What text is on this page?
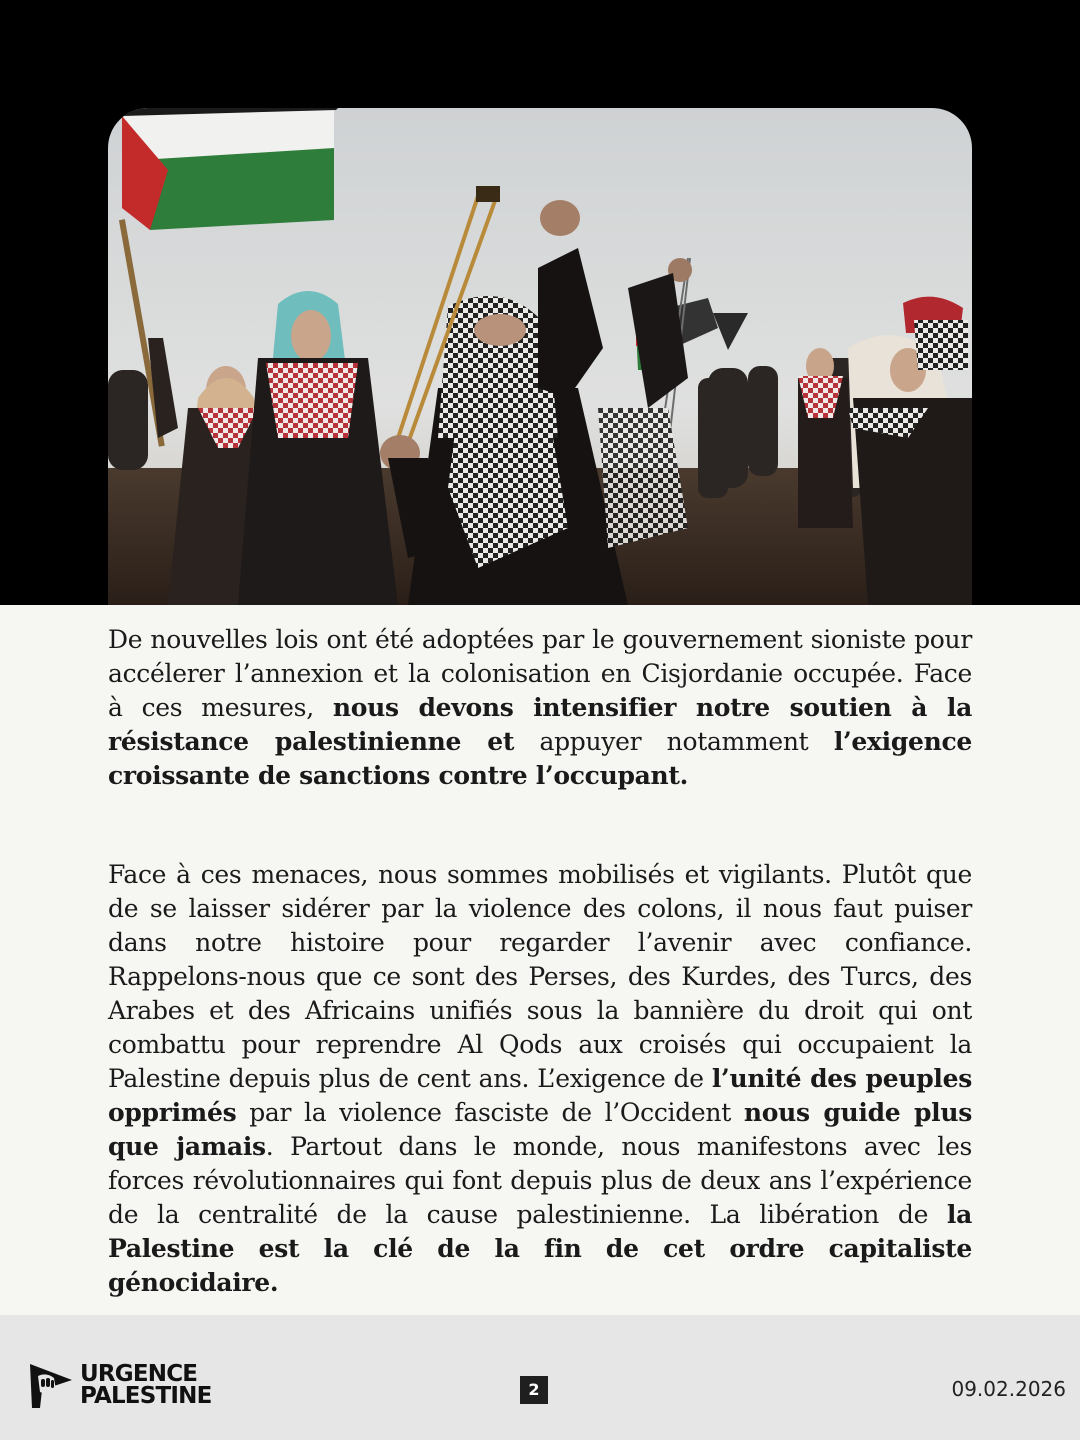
De nouvelles lois ont été adoptées par le gouvernement sioniste pour accélerer l’annexion et la colonisation en Cisjordanie occupée. Face à ces mesures, nous devons intensifier notre soutien à la résistance palestinienne et appuyer notamment l’exigence croissante de sanctions contre l’occupant.

Face à ces menaces, nous sommes mobilisés et vigilants. Plutôt que de se laisser sidérer par la violence des colons, il nous faut puiser dans notre histoire pour regarder l’avenir avec confiance. Rappelons-nous que ce sont des Perses, des Kurdes, des Turcs, des Arabes et des Africains unifiés sous la bannière du droit qui ont combattu pour reprendre Al Qods aux croisés qui occupaient la Palestine depuis plus de cent ans. L’exigence de l’unité des peuples opprimés par la violence fasciste de l’Occident nous guide plus que jamais. Partout dans le monde, nous manifestons avec les forces révolutionnaires qui font depuis plus de deux ans l’expérience de la centralité de la cause palestinienne. La libération de la Palestine est la clé de la fin de cet ordre capitaliste génocidaire.

URGENCE
PALESTINE	2	09.02.2026
